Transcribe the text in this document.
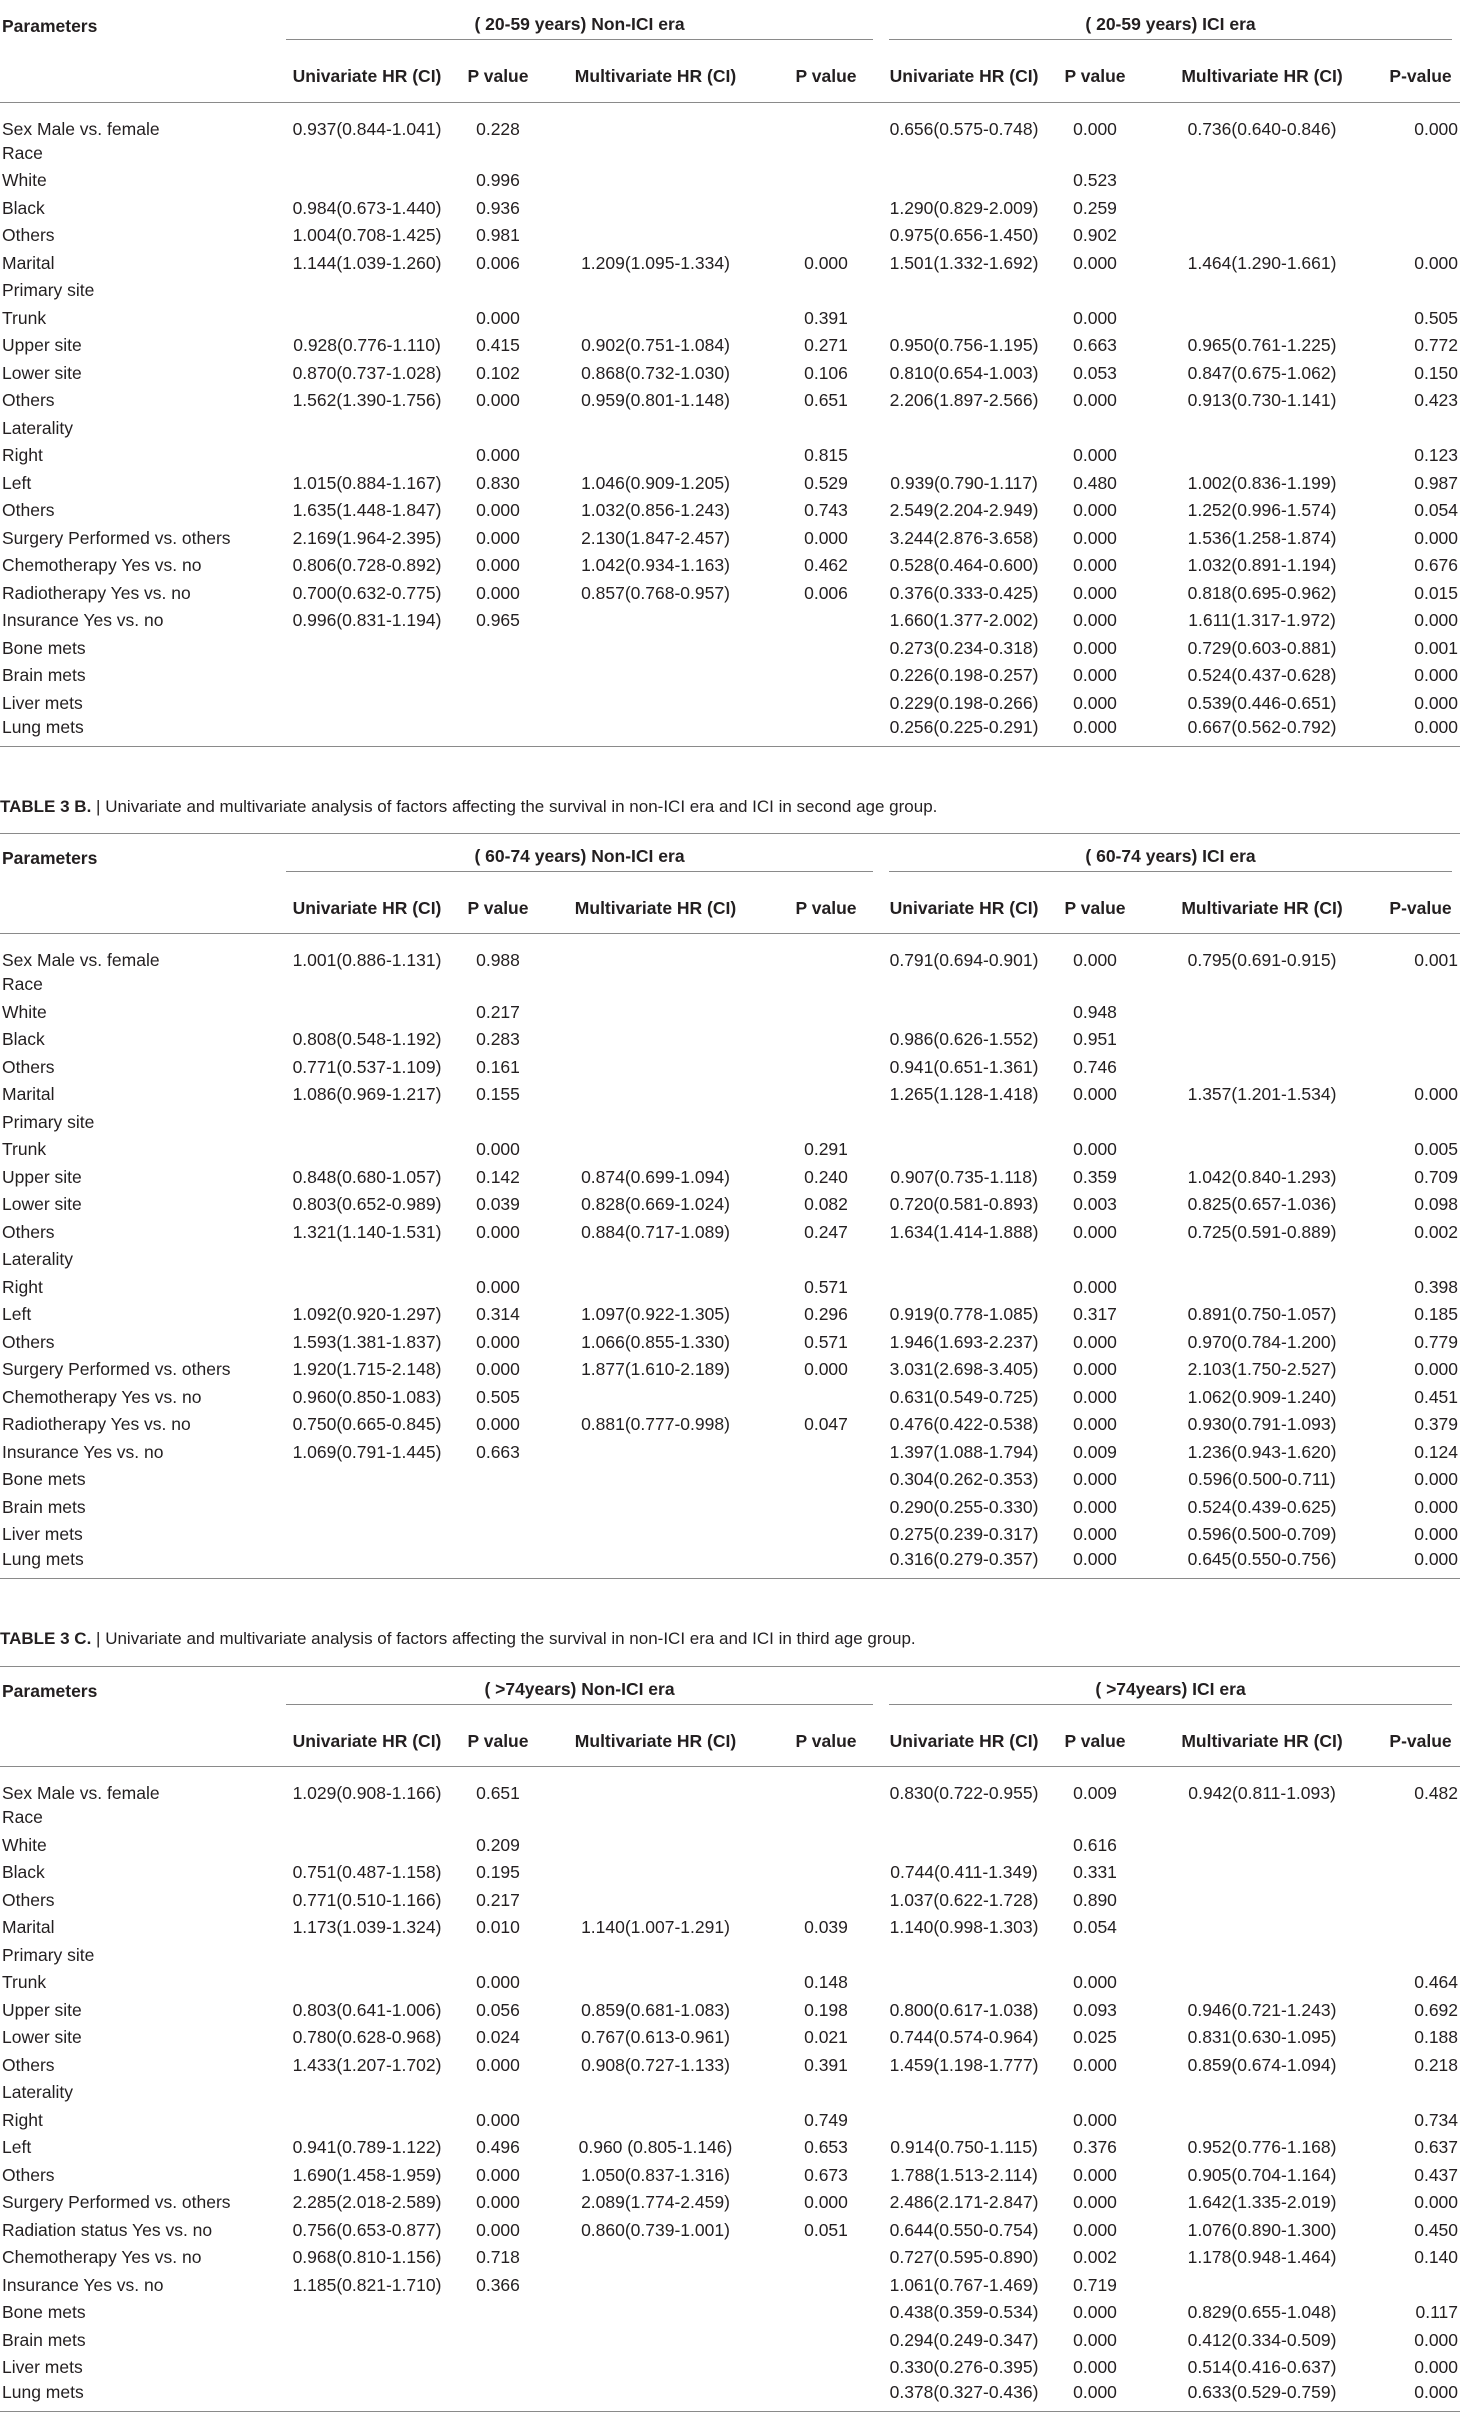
Parameters	( 20-59 years) Non-ICI era				( 20-59 years) ICI era			

	Univariate HR (CI)	P value	Multivariate HR (CI)	P value	Univariate HR (CI)	P value	Multivariate HR (CI)	P-value
Sex Male vs. female	0.937(0.844-1.041)	0.228			0.656(0.575-0.748)	0.000	0.736(0.640-0.846)	0.000
Race								
White		0.996				0.523		
Black	0.984(0.673-1.440)	0.936			1.290(0.829-2.009)	0.259		
Others	1.004(0.708-1.425)	0.981			0.975(0.656-1.450)	0.902		
Marital	1.144(1.039-1.260)	0.006	1.209(1.095-1.334)	0.000	1.501(1.332-1.692)	0.000	1.464(1.290-1.661)	0.000
Primary site								
Trunk		0.000		0.391		0.000		0.505
Upper site	0.928(0.776-1.110)	0.415	0.902(0.751-1.084)	0.271	0.950(0.756-1.195)	0.663	0.965(0.761-1.225)	0.772
Lower site	0.870(0.737-1.028)	0.102	0.868(0.732-1.030)	0.106	0.810(0.654-1.003)	0.053	0.847(0.675-1.062)	0.150
Others	1.562(1.390-1.756)	0.000	0.959(0.801-1.148)	0.651	2.206(1.897-2.566)	0.000	0.913(0.730-1.141)	0.423
Laterality								
Right		0.000		0.815		0.000		0.123
Left	1.015(0.884-1.167)	0.830	1.046(0.909-1.205)	0.529	0.939(0.790-1.117)	0.480	1.002(0.836-1.199)	0.987
Others	1.635(1.448-1.847)	0.000	1.032(0.856-1.243)	0.743	2.549(2.204-2.949)	0.000	1.252(0.996-1.574)	0.054
Surgery Performed vs. others	2.169(1.964-2.395)	0.000	2.130(1.847-2.457)	0.000	3.244(2.876-3.658)	0.000	1.536(1.258-1.874)	0.000
Chemotherapy Yes vs. no	0.806(0.728-0.892)	0.000	1.042(0.934-1.163)	0.462	0.528(0.464-0.600)	0.000	1.032(0.891-1.194)	0.676
Radiotherapy Yes vs. no	0.700(0.632-0.775)	0.000	0.857(0.768-0.957)	0.006	0.376(0.333-0.425)	0.000	0.818(0.695-0.962)	0.015
Insurance Yes vs. no	0.996(0.831-1.194)	0.965			1.660(1.377-2.002)	0.000	1.611(1.317-1.972)	0.000
Bone mets					0.273(0.234-0.318)	0.000	0.729(0.603-0.881)	0.001
Brain mets					0.226(0.198-0.257)	0.000	0.524(0.437-0.628)	0.000
Liver mets					0.229(0.198-0.266)	0.000	0.539(0.446-0.651)	0.000
Lung mets					0.256(0.225-0.291)	0.000	0.667(0.562-0.792)	0.000
TABLE 3 B. | Univariate and multivariate analysis of factors affecting the survival in non-ICI era and ICI in second age group.
Parameters	( 60-74 years) Non-ICI era				( 60-74 years) ICI era			

	Univariate HR (CI)	P value	Multivariate HR (CI)	P value	Univariate HR (CI)	P value	Multivariate HR (CI)	P-value
Sex Male vs. female	1.001(0.886-1.131)	0.988			0.791(0.694-0.901)	0.000	0.795(0.691-0.915)	0.001
Race								
White		0.217				0.948		
Black	0.808(0.548-1.192)	0.283			0.986(0.626-1.552)	0.951		
Others	0.771(0.537-1.109)	0.161			0.941(0.651-1.361)	0.746		
Marital	1.086(0.969-1.217)	0.155			1.265(1.128-1.418)	0.000	1.357(1.201-1.534)	0.000
Primary site								
Trunk		0.000		0.291		0.000		0.005
Upper site	0.848(0.680-1.057)	0.142	0.874(0.699-1.094)	0.240	0.907(0.735-1.118)	0.359	1.042(0.840-1.293)	0.709
Lower site	0.803(0.652-0.989)	0.039	0.828(0.669-1.024)	0.082	0.720(0.581-0.893)	0.003	0.825(0.657-1.036)	0.098
Others	1.321(1.140-1.531)	0.000	0.884(0.717-1.089)	0.247	1.634(1.414-1.888)	0.000	0.725(0.591-0.889)	0.002
Laterality								
Right		0.000		0.571		0.000		0.398
Left	1.092(0.920-1.297)	0.314	1.097(0.922-1.305)	0.296	0.919(0.778-1.085)	0.317	0.891(0.750-1.057)	0.185
Others	1.593(1.381-1.837)	0.000	1.066(0.855-1.330)	0.571	1.946(1.693-2.237)	0.000	0.970(0.784-1.200)	0.779
Surgery Performed vs. others	1.920(1.715-2.148)	0.000	1.877(1.610-2.189)	0.000	3.031(2.698-3.405)	0.000	2.103(1.750-2.527)	0.000
Chemotherapy Yes vs. no	0.960(0.850-1.083)	0.505			0.631(0.549-0.725)	0.000	1.062(0.909-1.240)	0.451
Radiotherapy Yes vs. no	0.750(0.665-0.845)	0.000	0.881(0.777-0.998)	0.047	0.476(0.422-0.538)	0.000	0.930(0.791-1.093)	0.379
Insurance Yes vs. no	1.069(0.791-1.445)	0.663			1.397(1.088-1.794)	0.009	1.236(0.943-1.620)	0.124
Bone mets					0.304(0.262-0.353)	0.000	0.596(0.500-0.711)	0.000
Brain mets					0.290(0.255-0.330)	0.000	0.524(0.439-0.625)	0.000
Liver mets					0.275(0.239-0.317)	0.000	0.596(0.500-0.709)	0.000
Lung mets					0.316(0.279-0.357)	0.000	0.645(0.550-0.756)	0.000
TABLE 3 C. | Univariate and multivariate analysis of factors affecting the survival in non-ICI era and ICI in third age group.
Parameters	( >74years) Non-ICI era				( >74years) ICI era			

	Univariate HR (CI)	P value	Multivariate HR (CI)	P value	Univariate HR (CI)	P value	Multivariate HR (CI)	P-value
Sex Male vs. female	1.029(0.908-1.166)	0.651			0.830(0.722-0.955)	0.009	0.942(0.811-1.093)	0.482
Race								
White		0.209				0.616		
Black	0.751(0.487-1.158)	0.195			0.744(0.411-1.349)	0.331		
Others	0.771(0.510-1.166)	0.217			1.037(0.622-1.728)	0.890		
Marital	1.173(1.039-1.324)	0.010	1.140(1.007-1.291)	0.039	1.140(0.998-1.303)	0.054		
Primary site								
Trunk		0.000		0.148		0.000		0.464
Upper site	0.803(0.641-1.006)	0.056	0.859(0.681-1.083)	0.198	0.800(0.617-1.038)	0.093	0.946(0.721-1.243)	0.692
Lower site	0.780(0.628-0.968)	0.024	0.767(0.613-0.961)	0.021	0.744(0.574-0.964)	0.025	0.831(0.630-1.095)	0.188
Others	1.433(1.207-1.702)	0.000	0.908(0.727-1.133)	0.391	1.459(1.198-1.777)	0.000	0.859(0.674-1.094)	0.218
Laterality								
Right		0.000		0.749		0.000		0.734
Left	0.941(0.789-1.122)	0.496	0.960 (0.805-1.146)	0.653	0.914(0.750-1.115)	0.376	0.952(0.776-1.168)	0.637
Others	1.690(1.458-1.959)	0.000	1.050(0.837-1.316)	0.673	1.788(1.513-2.114)	0.000	0.905(0.704-1.164)	0.437
Surgery Performed vs. others	2.285(2.018-2.589)	0.000	2.089(1.774-2.459)	0.000	2.486(2.171-2.847)	0.000	1.642(1.335-2.019)	0.000
Radiation status Yes vs. no	0.756(0.653-0.877)	0.000	0.860(0.739-1.001)	0.051	0.644(0.550-0.754)	0.000	1.076(0.890-1.300)	0.450
Chemotherapy Yes vs. no	0.968(0.810-1.156)	0.718			0.727(0.595-0.890)	0.002	1.178(0.948-1.464)	0.140
Insurance Yes vs. no	1.185(0.821-1.710)	0.366			1.061(0.767-1.469)	0.719		
Bone mets					0.438(0.359-0.534)	0.000	0.829(0.655-1.048)	0.117
Brain mets					0.294(0.249-0.347)	0.000	0.412(0.334-0.509)	0.000
Liver mets					0.330(0.276-0.395)	0.000	0.514(0.416-0.637)	0.000
Lung mets					0.378(0.327-0.436)	0.000	0.633(0.529-0.759)	0.000
